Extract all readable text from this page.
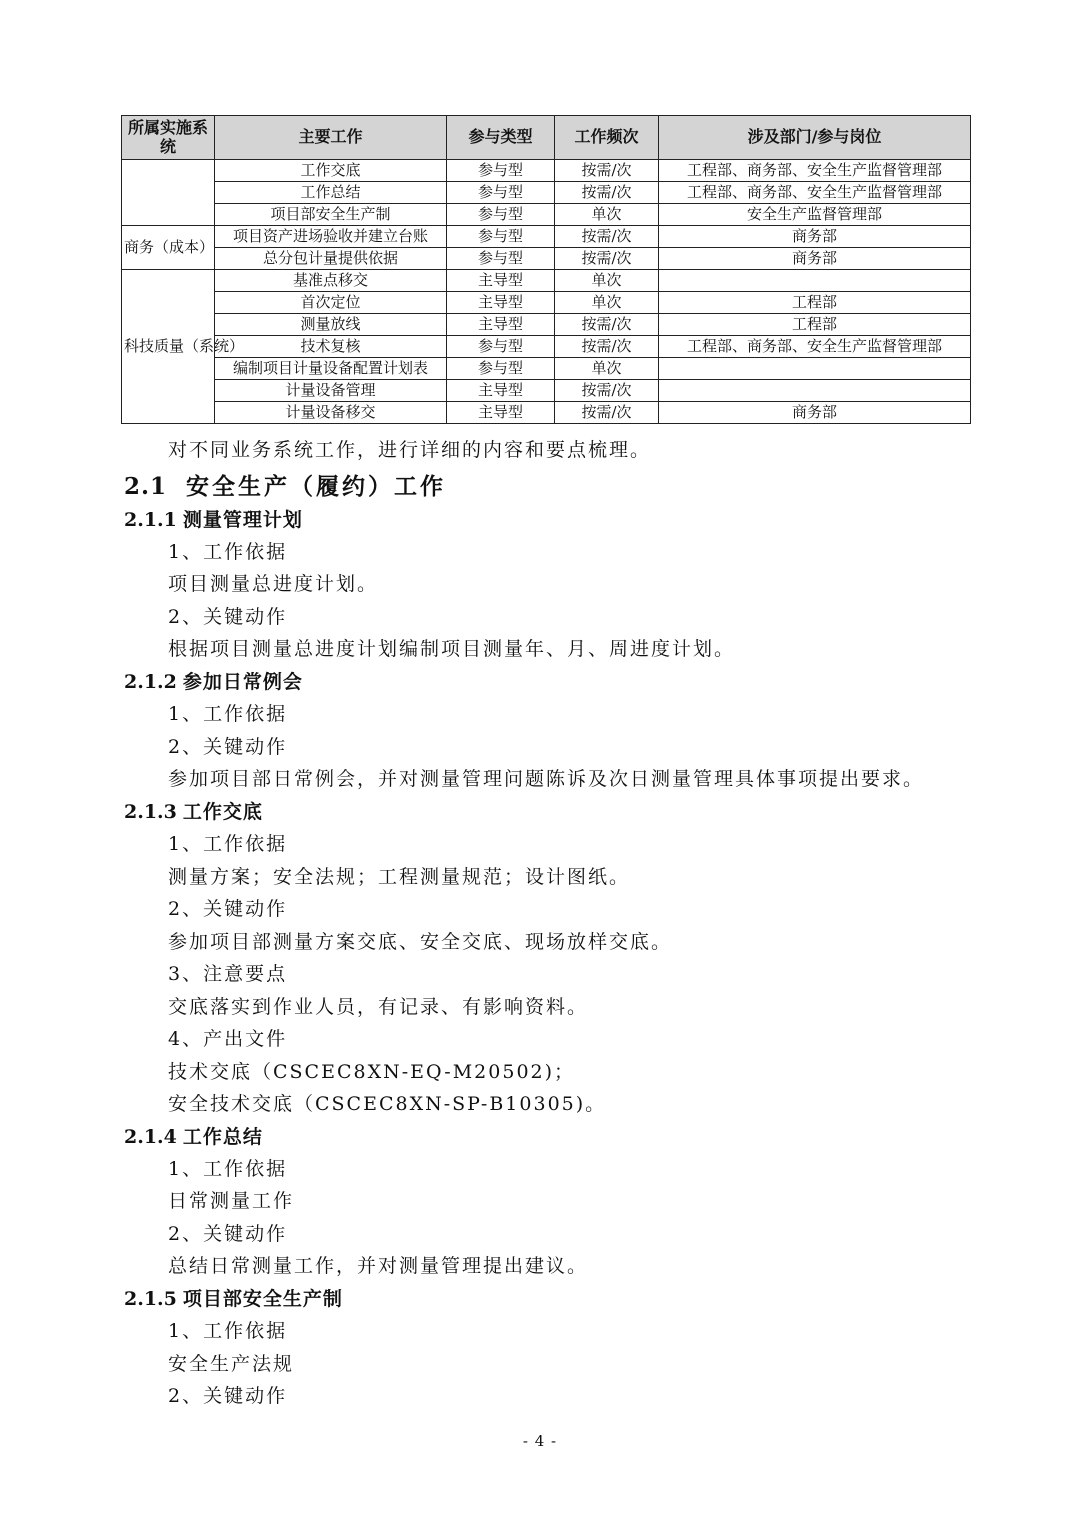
所属实施系统	主要工作	参与类型	工作频次	涉及部门/参与岗位
	工作交底	参与型	按需/次	工程部、商务部、安全生产监督管理部
	工作总结	参与型	按需/次	工程部、商务部、安全生产监督管理部
	项目部安全生产制	参与型	单次	安全生产监督管理部
商务（成本）	项目资产进场验收并建立台账	参与型	按需/次	商务部
	总分包计量提供依据	参与型	按需/次	商务部
科技质量（系统）	基准点移交	主导型	单次	
	首次定位	主导型	单次	工程部
	测量放线	主导型	按需/次	工程部
	技术复核	参与型	按需/次	工程部、商务部、安全生产监督管理部
	编制项目计量设备配置计划表	参与型	单次	
	计量设备管理	主导型	按需/次	
	计量设备移交	主导型	按需/次	商务部
对不同业务系统工作，进行详细的内容和要点梳理。
2.1 安全生产（履约）工作
2.1.1 测量管理计划
1、工作依据
项目测量总进度计划。
2、关键动作
根据项目测量总进度计划编制项目测量年、月、周进度计划。
2.1.2 参加日常例会
1、工作依据
2、关键动作
参加项目部日常例会，并对测量管理问题陈诉及次日测量管理具体事项提出要求。
2.1.3 工作交底
1、工作依据
测量方案；安全法规；工程测量规范；设计图纸。
2、关键动作
参加项目部测量方案交底、安全交底、现场放样交底。
3、注意要点
交底落实到作业人员，有记录、有影响资料。
4、产出文件
技术交底（CSCEC8XN-EQ-M20502)；
安全技术交底（CSCEC8XN-SP-B10305)。
2.1.4 工作总结
1、工作依据
日常测量工作
2、关键动作
总结日常测量工作，并对测量管理提出建议。
2.1.5 项目部安全生产制
1、工作依据
安全生产法规
2、关键动作
- 4 -
